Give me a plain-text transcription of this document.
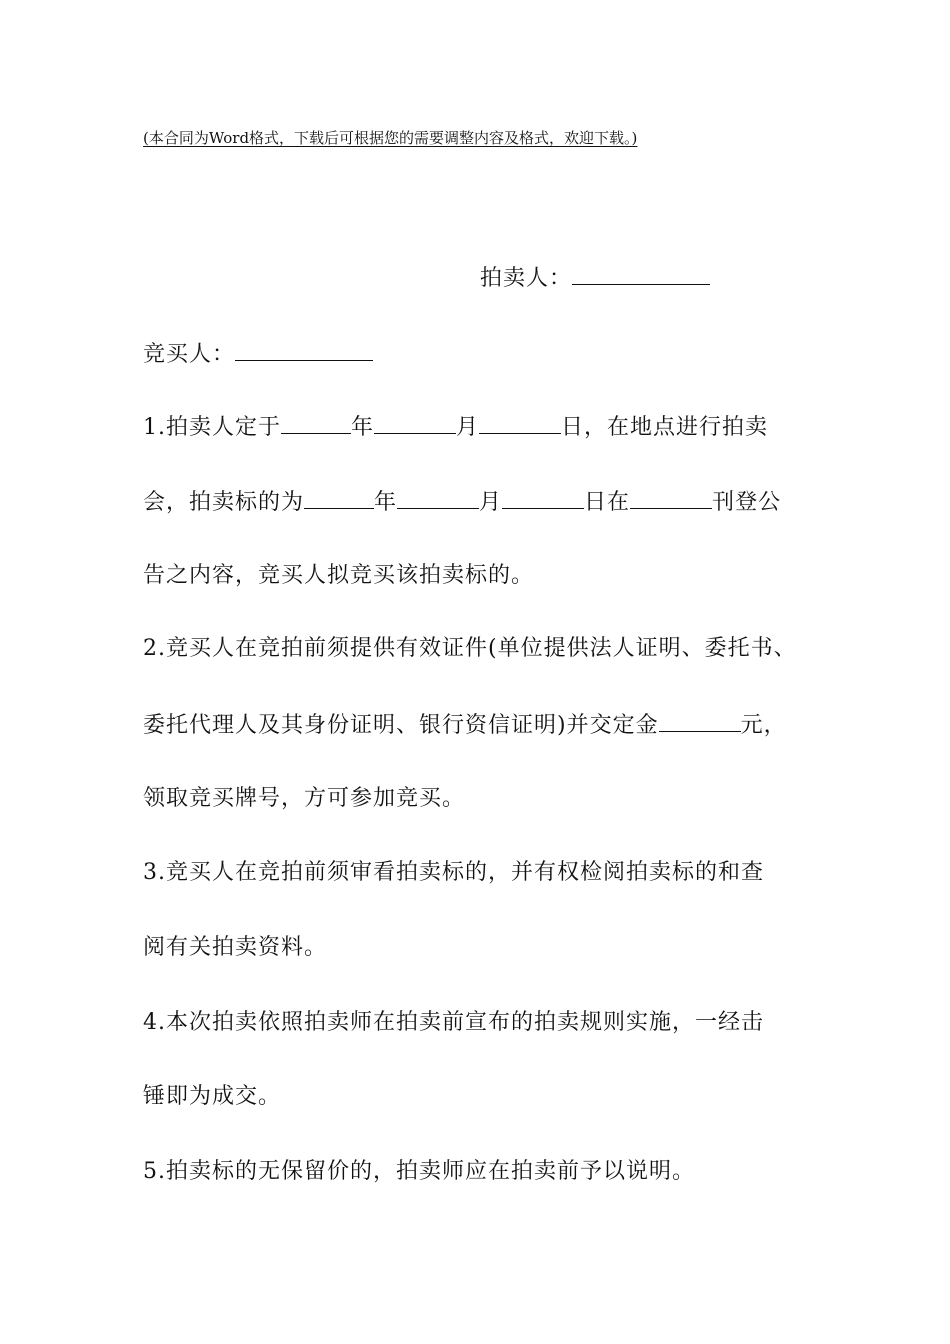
(本合同为Word格式，下载后可根据您的需要调整内容及格式，欢迎下载。)
拍卖人：
竞买人：
1.拍卖人定于	年	月	日，在地点进行拍卖
会，拍卖标的为	年	月	日在	刊登公
告之内容，竞买人拟竞买该拍卖标的。
2.竞买人在竞拍前须提供有效证件(单位提供法人证明、委托书、
委托代理人及其身份证明、银行资信证明)并交定金	元，
领取竞买牌号，方可参加竞买。
3.竞买人在竞拍前须审看拍卖标的，并有权检阅拍卖标的和查
阅有关拍卖资料。
4.本次拍卖依照拍卖师在拍卖前宣布的拍卖规则实施，一经击
锤即为成交。
5.拍卖标的无保留价的，拍卖师应在拍卖前予以说明。
